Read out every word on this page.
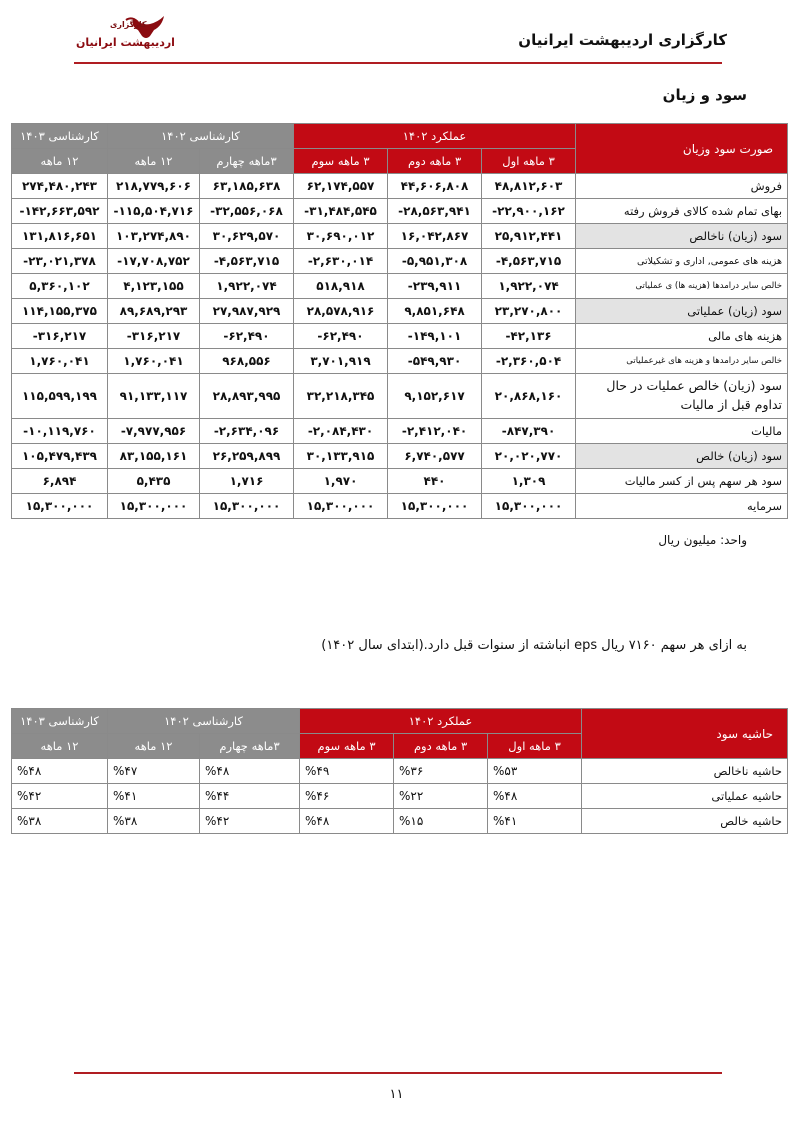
کارگزاری اردیبهشت ایرانیان
کارگزاری
اردیبهشت ایرانیان
سود و زیان
صورت سود وزیان	عملکرد ۱۴۰۲			کارشناسی ۱۴۰۲		کارشناسی ۱۴۰۳
	۳ ماهه اول	۳ ماهه دوم	۳ ماهه سوم	۳ماهه چهارم	۱۲ ماهه	۱۲ ماهه
فروش	۴۸,۸۱۲,۶۰۳	۴۴,۶۰۶,۸۰۸	۶۲,۱۷۴,۵۵۷	۶۳,۱۸۵,۶۳۸	۲۱۸,۷۷۹,۶۰۶	۲۷۴,۴۸۰,۲۴۳
بهای تمام شده کالای فروش رفته	-۲۲,۹۰۰,۱۶۲	-۲۸,۵۶۳,۹۴۱	-۳۱,۴۸۴,۵۴۵	-۳۲,۵۵۶,۰۶۸	-۱۱۵,۵۰۴,۷۱۶	-۱۴۲,۶۶۳,۵۹۲
سود (زیان) ناخالص	۲۵,۹۱۲,۴۴۱	۱۶,۰۴۲,۸۶۷	۳۰,۶۹۰,۰۱۲	۳۰,۶۲۹,۵۷۰	۱۰۳,۲۷۴,۸۹۰	۱۳۱,۸۱۶,۶۵۱
هزینه های عمومی, اداری و تشکیلاتی	-۴,۵۶۳,۷۱۵	-۵,۹۵۱,۳۰۸	-۲,۶۳۰,۰۱۴	-۴,۵۶۳,۷۱۵	-۱۷,۷۰۸,۷۵۲	-۲۳,۰۲۱,۳۷۸
خالص سایر درامدها (هزینه ها) ی عملیاتی	۱,۹۲۲,۰۷۴	-۲۳۹,۹۱۱	۵۱۸,۹۱۸	۱,۹۲۲,۰۷۴	۴,۱۲۳,۱۵۵	۵,۳۶۰,۱۰۲
سود (زیان) عملیاتی	۲۳,۲۷۰,۸۰۰	۹,۸۵۱,۶۴۸	۲۸,۵۷۸,۹۱۶	۲۷,۹۸۷,۹۲۹	۸۹,۶۸۹,۲۹۳	۱۱۴,۱۵۵,۳۷۵
هزینه های مالی	-۴۲,۱۳۶	-۱۴۹,۱۰۱	-۶۲,۴۹۰	-۶۲,۴۹۰	-۳۱۶,۲۱۷	-۳۱۶,۲۱۷
خالص سایر درامدها و هزینه های غیرعملیاتی	-۲,۳۶۰,۵۰۴	-۵۴۹,۹۳۰	۳,۷۰۱,۹۱۹	۹۶۸,۵۵۶	۱,۷۶۰,۰۴۱	۱,۷۶۰,۰۴۱
سود (زیان) خالص عملیات در حال تداوم قبل از مالیات	۲۰,۸۶۸,۱۶۰	۹,۱۵۲,۶۱۷	۳۲,۲۱۸,۳۴۵	۲۸,۸۹۳,۹۹۵	۹۱,۱۳۳,۱۱۷	۱۱۵,۵۹۹,۱۹۹
مالیات	-۸۴۷,۳۹۰	-۲,۴۱۲,۰۴۰	-۲,۰۸۴,۴۳۰	-۲,۶۳۴,۰۹۶	-۷,۹۷۷,۹۵۶	-۱۰,۱۱۹,۷۶۰
سود (زیان) خالص	۲۰,۰۲۰,۷۷۰	۶,۷۴۰,۵۷۷	۳۰,۱۳۳,۹۱۵	۲۶,۲۵۹,۸۹۹	۸۳,۱۵۵,۱۶۱	۱۰۵,۴۷۹,۴۳۹
سود هر سهم پس از کسر مالیات	۱,۳۰۹	۴۴۰	۱,۹۷۰	۱,۷۱۶	۵,۴۳۵	۶,۸۹۴
سرمایه	۱۵,۳۰۰,۰۰۰	۱۵,۳۰۰,۰۰۰	۱۵,۳۰۰,۰۰۰	۱۵,۳۰۰,۰۰۰	۱۵,۳۰۰,۰۰۰	۱۵,۳۰۰,۰۰۰
واحد: میلیون ریال
به ازای هر سهم ۷۱۶۰ ریال eps انباشته از سنوات قبل دارد.(ابتدای سال ۱۴۰۲)
حاشیه سود	عملکرد ۱۴۰۲			کارشناسی ۱۴۰۲		کارشناسی ۱۴۰۳
	۳ ماهه اول	۳ ماهه دوم	۳ ماهه سوم	۳ماهه چهارم	۱۲ ماهه	۱۲ ماهه
حاشیه ناخالص	%۵۳	%۳۶	%۴۹	%۴۸	%۴۷	%۴۸
حاشیه عملیاتی	%۴۸	%۲۲	%۴۶	%۴۴	%۴۱	%۴۲
حاشیه خالص	%۴۱	%۱۵	%۴۸	%۴۲	%۳۸	%۳۸
۱۱
